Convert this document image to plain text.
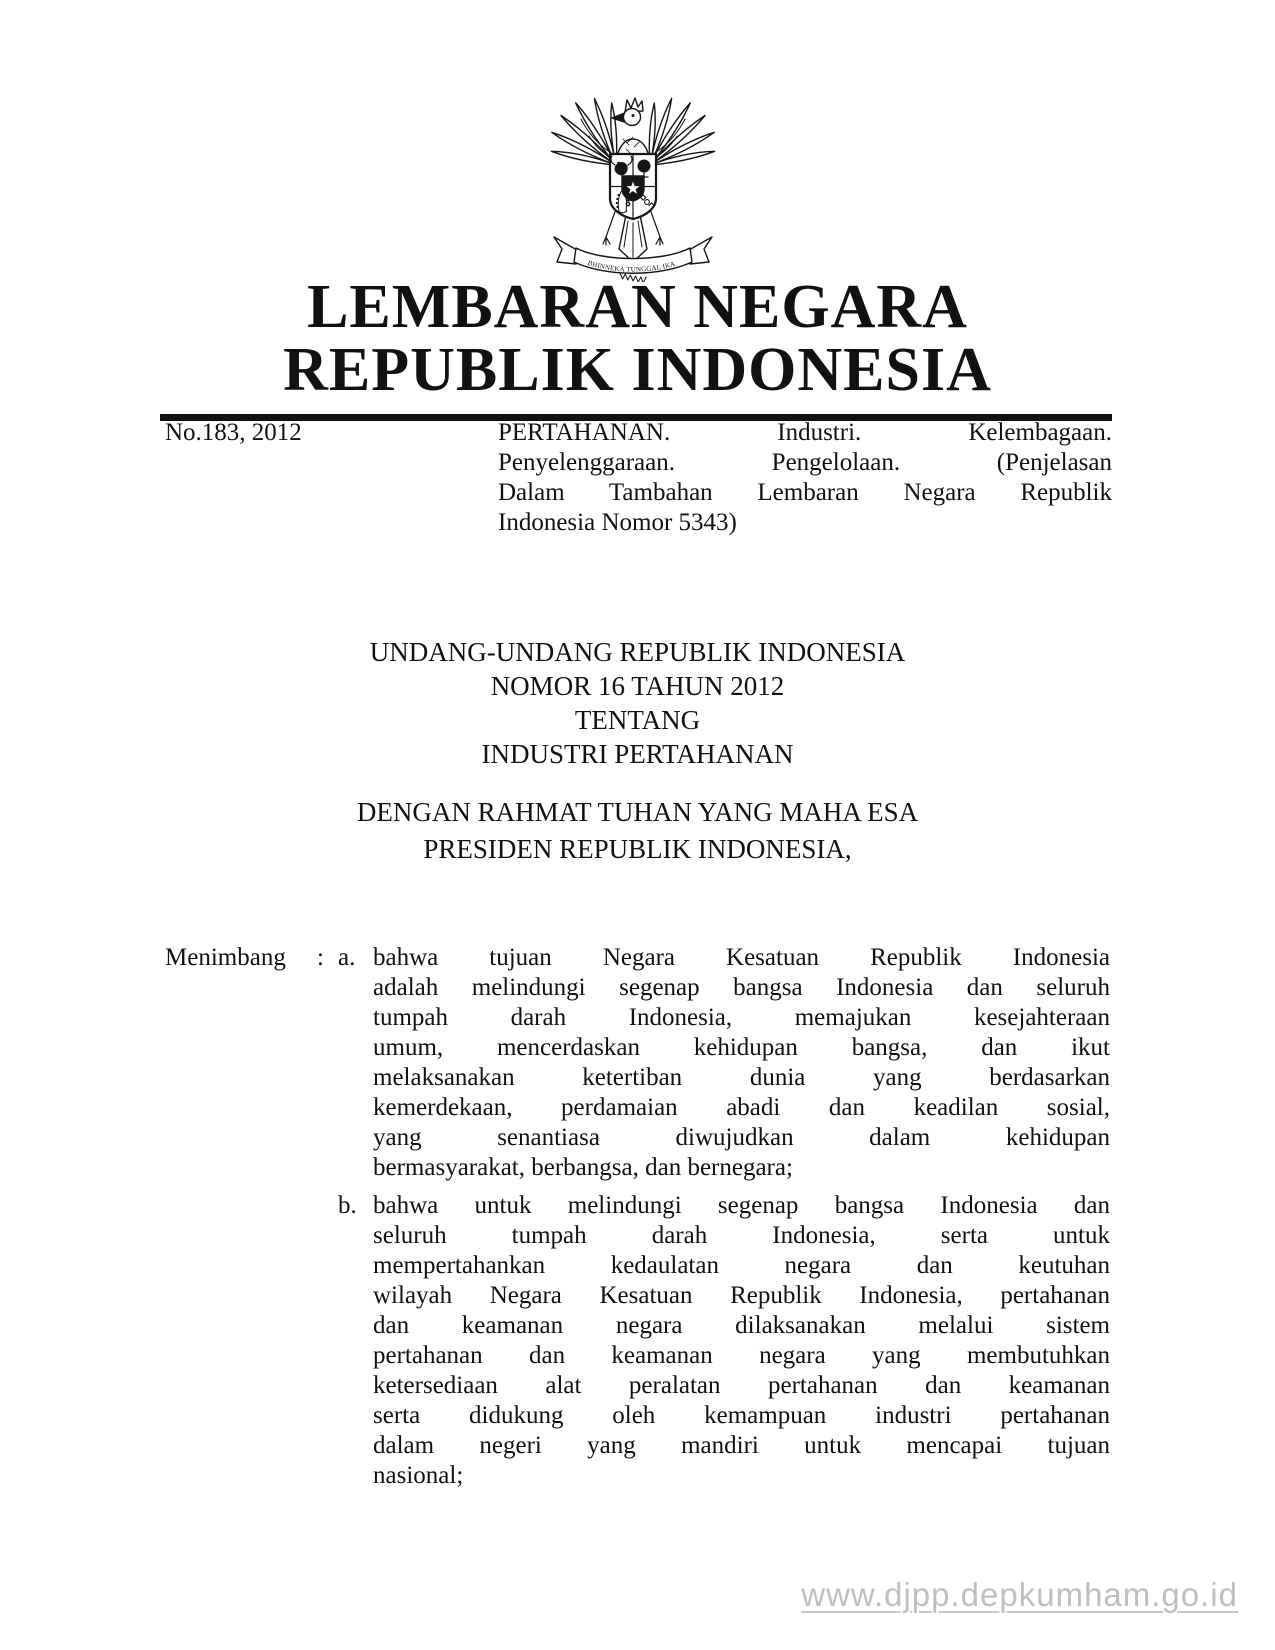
BHINNEKA TUNGGAL IKA
LEMBARAN NEGARA
REPUBLIK INDONESIA
No.183, 2012	PERTAHANAN. Industri. Kelembagaan.
Penyelenggaraan. Pengelolaan. (Penjelasan
Dalam Tambahan Lembaran Negara Republik
Indonesia Nomor 5343)
UNDANG-UNDANG REPUBLIK INDONESIA
NOMOR 16 TAHUN 2012
TENTANG
INDUSTRI PERTAHANAN
DENGAN RAHMAT TUHAN YANG MAHA ESA
PRESIDEN REPUBLIK INDONESIA,
Menimbang : a. bahwa tujuan Negara Kesatuan Republik Indonesia
adalah melindungi segenap bangsa Indonesia dan seluruh
tumpah darah Indonesia, memajukan kesejahteraan
umum, mencerdaskan kehidupan bangsa, dan ikut
melaksanakan ketertiban dunia yang berdasarkan
kemerdekaan, perdamaian abadi dan keadilan sosial,
yang senantiasa diwujudkan dalam kehidupan
bermasyarakat, berbangsa, dan bernegara;
b. bahwa untuk melindungi segenap bangsa Indonesia dan
seluruh tumpah darah Indonesia, serta untuk
mempertahankan kedaulatan negara dan keutuhan
wilayah Negara Kesatuan Republik Indonesia, pertahanan
dan keamanan negara dilaksanakan melalui sistem
pertahanan dan keamanan negara yang membutuhkan
ketersediaan alat peralatan pertahanan dan keamanan
serta didukung oleh kemampuan industri pertahanan
dalam negeri yang mandiri untuk mencapai tujuan
nasional;
www.djpp.depkumham.go.id
